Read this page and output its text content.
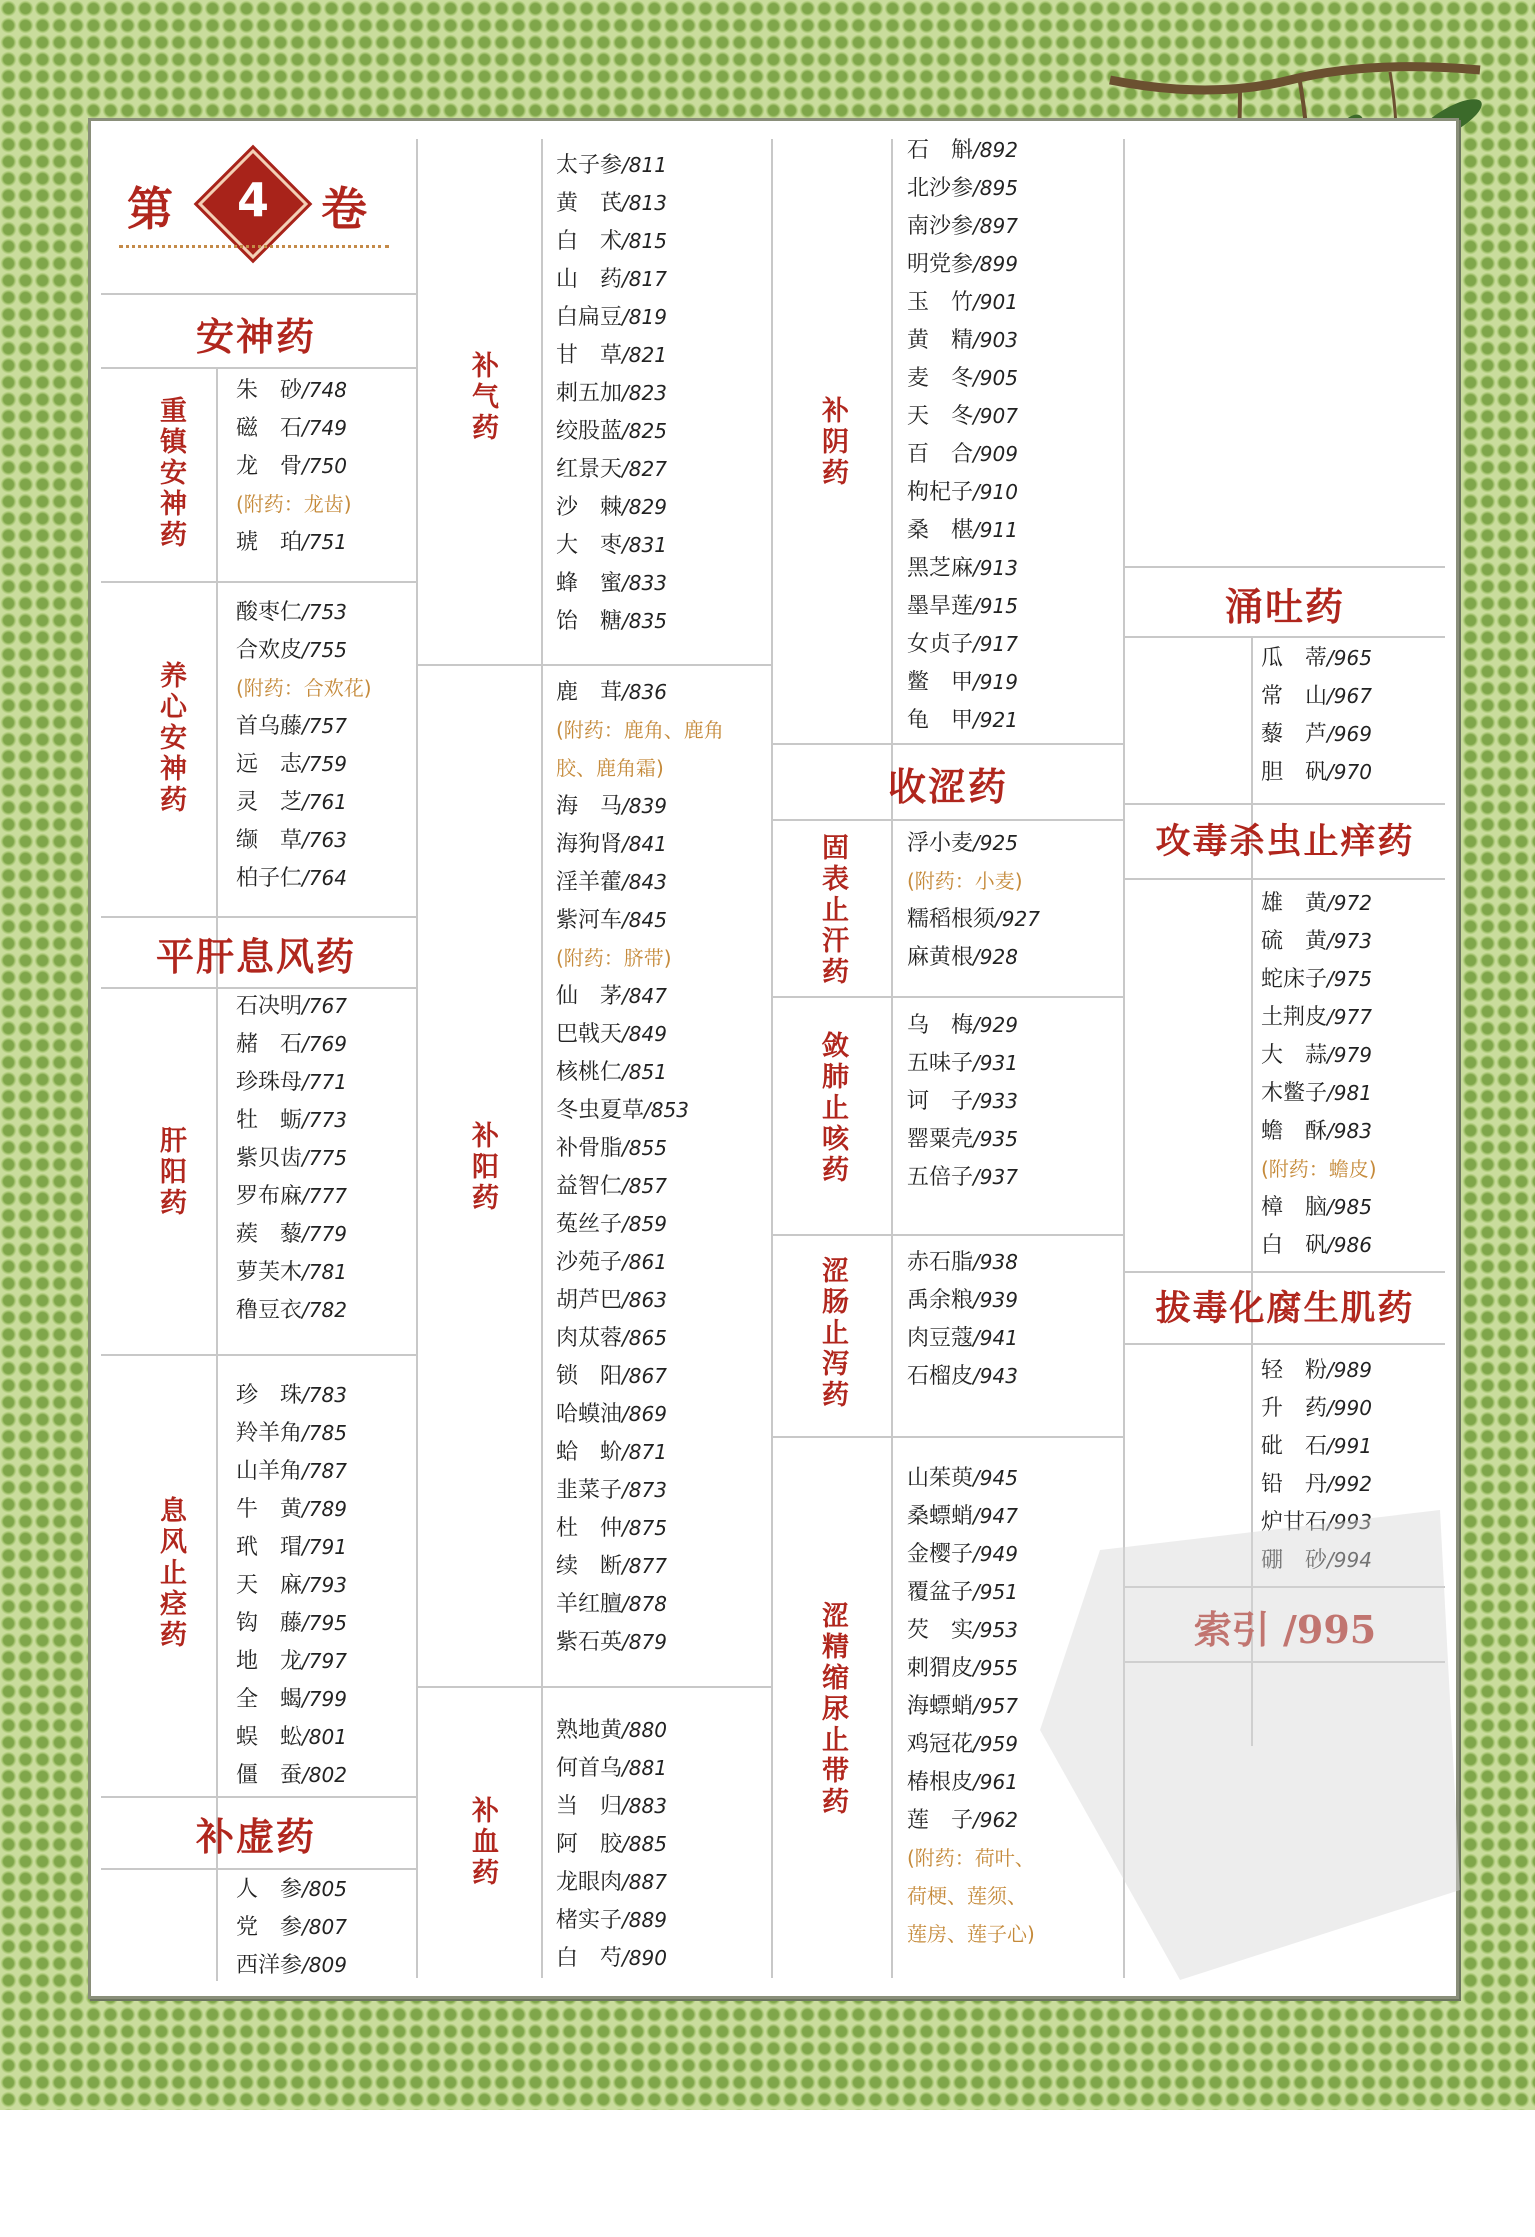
第 4 卷
安神药
重镇安神药
朱　砂/748
磁　石/749
龙　骨/750
(附药：龙齿)
琥　珀/751
养心安神药
酸枣仁/753
合欢皮/755
(附药：合欢花)
首乌藤/757
远　志/759
灵　芝/761
缬　草/763
柏子仁/764
平肝息风药
肝阳药
石决明/767
赭　石/769
珍珠母/771
牡　蛎/773
紫贝齿/775
罗布麻/777
蒺　藜/779
萝芙木/781
穞豆衣/782
息风止痉药
珍　珠/783
羚羊角/785
山羊角/787
牛　黄/789
玳　瑁/791
天　麻/793
钩　藤/795
地　龙/797
全　蝎/799
蜈　蚣/801
僵　蚕/802
补虚药
人　参/805
党　参/807
西洋参/809
补气药
太子参/811
黄　芪/813
白　术/815
山　药/817
白扁豆/819
甘　草/821
刺五加/823
绞股蓝/825
红景天/827
沙　棘/829
大　枣/831
蜂　蜜/833
饴　糖/835
补阳药
鹿　茸/836
(附药：鹿角、鹿角
胶、鹿角霜)
海　马/839
海狗肾/841
淫羊藿/843
紫河车/845
(附药：脐带)
仙　茅/847
巴戟天/849
核桃仁/851
冬虫夏草/853
补骨脂/855
益智仁/857
菟丝子/859
沙苑子/861
胡芦巴/863
肉苁蓉/865
锁　阳/867
哈蟆油/869
蛤　蚧/871
韭菜子/873
杜　仲/875
续　断/877
羊红膻/878
紫石英/879
补血药
熟地黄/880
何首乌/881
当　归/883
阿　胶/885
龙眼肉/887
楮实子/889
白　芍/890
补阴药
石　斛/892
北沙参/895
南沙参/897
明党参/899
玉　竹/901
黄　精/903
麦　冬/905
天　冬/907
百　合/909
枸杞子/910
桑　椹/911
黑芝麻/913
墨旱莲/915
女贞子/917
鳖　甲/919
龟　甲/921
收涩药
固表止汗药	浮小麦/925
(附药：小麦)
糯稻根须/927
麻黄根/928
敛肺止咳药
乌　梅/929
五味子/931
诃　子/933
罂粟壳/935
五倍子/937
涩肠止泻药	赤石脂/938
禹余粮/939
肉豆蔻/941
石榴皮/943
涩精缩尿止带药
山茱萸/945
桑螵蛸/947
金樱子/949
覆盆子/951
芡　实/953
刺猬皮/955
海螵蛸/957
鸡冠花/959
椿根皮/961
莲　子/962
(附药：荷叶、
荷梗、莲须、
莲房、莲子心)
涌吐药
瓜　蒂/965
常　山/967
藜　芦/969
胆　矾/970
攻毒杀虫止痒药
雄　黄/972
硫　黄/973
蛇床子/975
土荆皮/977
大　蒜/979
木鳖子/981
蟾　酥/983
(附药：蟾皮)
樟　脑/985
白　矾/986
拔毒化腐生肌药
轻　粉/989
升　药/990
砒　石/991
铅　丹/992
炉甘石/993
硼　砂/994
索引 /995
